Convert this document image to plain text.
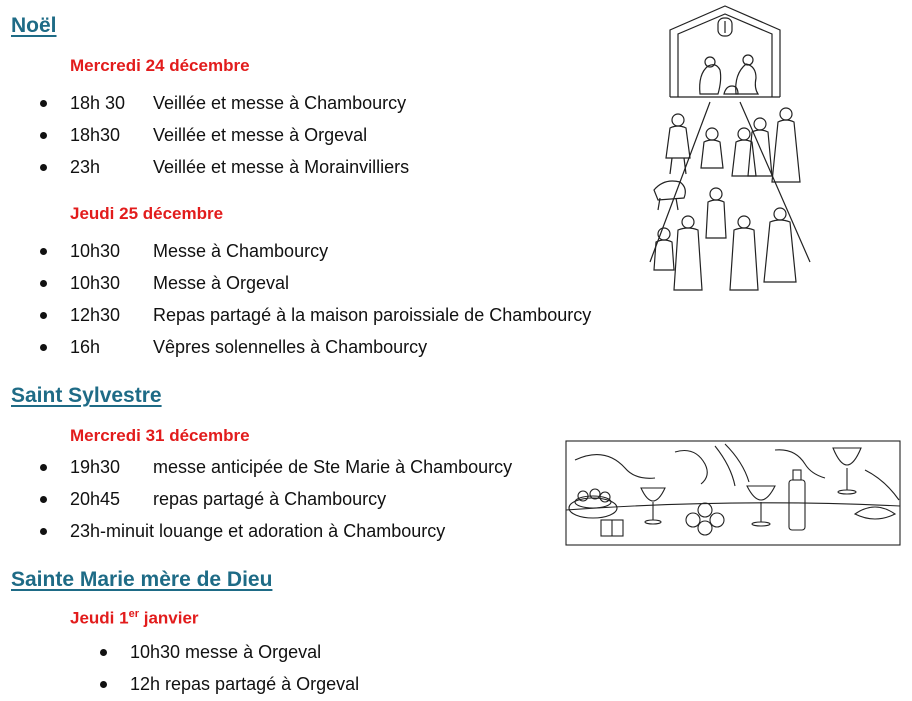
Noël
Mercredi 24 décembre
18h 30 Veillée et messe à Chambourcy
18h30 Veillée et messe à Orgeval
23h	Veillée et messe à Morainvilliers
Jeudi 25 décembre
10h30 Messe à Chambourcy
10h30 Messe à Orgeval
12h30 Repas partagé à la maison paroissiale de Chambourcy
16h	Vêpres solennelles à Chambourcy
Saint Sylvestre
Mercredi 31 décembre
19h30 messe anticipée de Ste Marie à Chambourcy
20h45 repas partagé à Chambourcy
23h-minuit louange et adoration à Chambourcy
Sainte Marie mère de Dieu
Jeudi 1er janvier
10h30 messe à Orgeval
12h repas partagé à Orgeval
